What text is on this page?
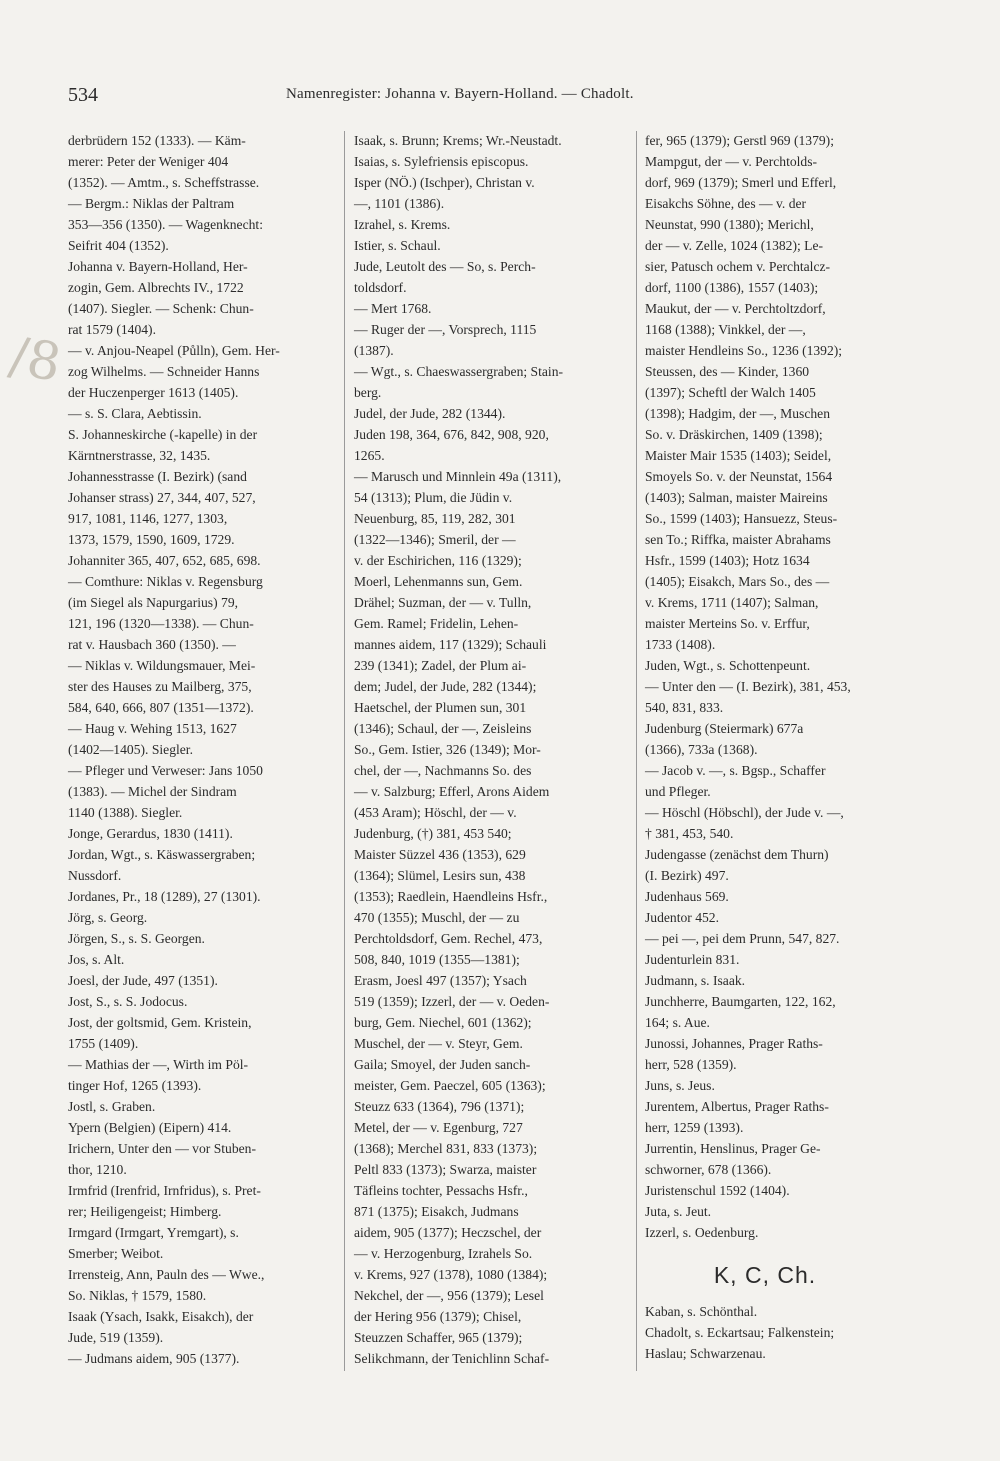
534	Namenregister: Johanna v. Bayern-Holland. — Chadolt.
/8
derbrüdern 152 (1333). — Käm-
merer: Peter der Weniger 404
(1352). — Amtm., s. Scheffstrasse.
— Bergm.: Niklas der Paltram
353—356 (1350). — Wagenknecht:
Seifrit 404 (1352).
Johanna v. Bayern-Holland, Her-
zogin, Gem. Albrechts IV., 1722
(1407). Siegler. — Schenk: Chun-
rat 1579 (1404).
— v. Anjou-Neapel (Půlln), Gem. Her-
zog Wilhelms. — Schneider Hanns
der Huczenperger 1613 (1405).
— s. S. Clara, Aebtissin.
S. Johanneskirche (-kapelle) in der
Kärntnerstrasse, 32, 1435.
Johannesstrasse (I. Bezirk) (sand
Johanser strass) 27, 344, 407, 527,
917, 1081, 1146, 1277, 1303,
1373, 1579, 1590, 1609, 1729.
Johanniter 365, 407, 652, 685, 698.
— Comthure: Niklas v. Regensburg
(im Siegel als Napurgarius) 79,
121, 196 (1320—1338). — Chun-
rat v. Hausbach 360 (1350). —
— Niklas v. Wildungsmauer, Mei-
ster des Hauses zu Mailberg, 375,
584, 640, 666, 807 (1351—1372).
— Haug v. Wehing 1513, 1627
(1402—1405). Siegler.
— Pfleger und Verweser: Jans 1050
(1383). — Michel der Sindram
1140 (1388). Siegler.
Jonge, Gerardus, 1830 (1411).
Jordan, Wgt., s. Käswassergraben;
Nussdorf.
Jordanes, Pr., 18 (1289), 27 (1301).
Jörg, s. Georg.
Jörgen, S., s. S. Georgen.
Jos, s. Alt.
Joesl, der Jude, 497 (1351).
Jost, S., s. S. Jodocus.
Jost, der goltsmid, Gem. Kristein,
1755 (1409).
— Mathias der —, Wirth im Pöl-
tinger Hof, 1265 (1393).
Jostl, s. Graben.
Ypern (Belgien) (Eipern) 414.
Irichern, Unter den — vor Stuben-
thor, 1210.
Irmfrid (Irenfrid, Irnfridus), s. Pret-
rer; Heiligengeist; Himberg.
Irmgard (Irmgart, Yremgart), s.
Smerber; Weibot.
Irrensteig, Ann, Pauln des — Wwe.,
So. Niklas, † 1579, 1580.
Isaak (Ysach, Isakk, Eisakch), der
Jude, 519 (1359).
— Judmans aidem, 905 (1377).
Isaak, s. Brunn; Krems; Wr.-Neustadt.
Isaias, s. Sylefriensis episcopus.
Isper (NÖ.) (Ischper), Christan v.
—, 1101 (1386).
Izrahel, s. Krems.
Istier, s. Schaul.
Jude, Leutolt des — So, s. Perch-
toldsdorf.
— Mert 1768.
— Ruger der —, Vorsprech, 1115
(1387).
— Wgt., s. Chaeswassergraben; Stain-
berg.
Judel, der Jude, 282 (1344).
Juden 198, 364, 676, 842, 908, 920,
1265.
— Marusch und Minnlein 49a (1311),
54 (1313); Plum, die Jüdin v.
Neuenburg, 85, 119, 282, 301
(1322—1346); Smeril, der —
v. der Eschirichen, 116 (1329);
Moerl, Lehenmanns sun, Gem.
Drähel; Suzman, der — v. Tulln,
Gem. Ramel; Fridelin, Lehen-
mannes aidem, 117 (1329); Schauli
239 (1341); Zadel, der Plum ai-
dem; Judel, der Jude, 282 (1344);
Haetschel, der Plumen sun, 301
(1346); Schaul, der —, Zeisleins
So., Gem. Istier, 326 (1349); Mor-
chel, der —, Nachmanns So. des
— v. Salzburg; Efferl, Arons Aidem
(453 Aram); Höschl, der — v.
Judenburg, (†) 381, 453 540;
Maister Süzzel 436 (1353), 629
(1364); Slümel, Lesirs sun, 438
(1353); Raedlein, Haendleins Hsfr.,
470 (1355); Muschl, der — zu
Perchtoldsdorf, Gem. Rechel, 473,
508, 840, 1019 (1355—1381);
Erasm, Joesl 497 (1357); Ysach
519 (1359); Izzerl, der — v. Oeden-
burg, Gem. Niechel, 601 (1362);
Muschel, der — v. Steyr, Gem.
Gaila; Smoyel, der Juden sanch-
meister, Gem. Paeczel, 605 (1363);
Steuzz 633 (1364), 796 (1371);
Metel, der — v. Egenburg, 727
(1368); Merchel 831, 833 (1373);
Peltl 833 (1373); Swarza, maister
Täfleins tochter, Pessachs Hsfr.,
871 (1375); Eisakch, Judmans
aidem, 905 (1377); Heczschel, der
— v. Herzogenburg, Izrahels So.
v. Krems, 927 (1378), 1080 (1384);
Nekchel, der —, 956 (1379); Lesel
der Hering 956 (1379); Chisel,
Steuzzen Schaffer, 965 (1379);
Selikchmann, der Tenichlinn Schaf-
fer, 965 (1379); Gerstl 969 (1379);
Mampgut, der — v. Perchtolds-
dorf, 969 (1379); Smerl und Efferl,
Eisakchs Söhne, des — v. der
Neunstat, 990 (1380); Merichl,
der — v. Zelle, 1024 (1382); Le-
sier, Patusch ochem v. Perchtalcz-
dorf, 1100 (1386), 1557 (1403);
Maukut, der — v. Perchtoltzdorf,
1168 (1388); Vinkkel, der —,
maister Hendleins So., 1236 (1392);
Steussen, des — Kinder, 1360
(1397); Scheftl der Walch 1405
(1398); Hadgim, der —, Muschen
So. v. Dräskirchen, 1409 (1398);
Maister Mair 1535 (1403); Seidel,
Smoyels So. v. der Neunstat, 1564
(1403); Salman, maister Maireins
So., 1599 (1403); Hansuezz, Steus-
sen To.; Riffka, maister Abrahams
Hsfr., 1599 (1403); Hotz 1634
(1405); Eisakch, Mars So., des —
v. Krems, 1711 (1407); Salman,
maister Merteins So. v. Erffur,
1733 (1408).
Juden, Wgt., s. Schottenpeunt.
— Unter den — (I. Bezirk), 381, 453,
540, 831, 833.
Judenburg (Steiermark) 677a
(1366), 733a (1368).
— Jacob v. —, s. Bgsp., Schaffer
und Pfleger.
— Höschl (Höbschl), der Jude v. —,
† 381, 453, 540.
Judengasse (zenächst dem Thurn)
(I. Bezirk) 497.
Judenhaus 569.
Judentor 452.
— pei —, pei dem Prunn, 547, 827.
Judenturlein 831.
Judmann, s. Isaak.
Junchherre, Baumgarten, 122, 162,
164; s. Aue.
Junossi, Johannes, Prager Raths-
herr, 528 (1359).
Juns, s. Jeus.
Jurentem, Albertus, Prager Raths-
herr, 1259 (1393).
Jurrentin, Henslinus, Prager Ge-
schworner, 678 (1366).
Juristenschul 1592 (1404).
Juta, s. Jeut.
Izzerl, s. Oedenburg.
K, C, Ch.
Kaban, s. Schönthal.
Chadolt, s. Eckartsau; Falkenstein;
Haslau; Schwarzenau.
